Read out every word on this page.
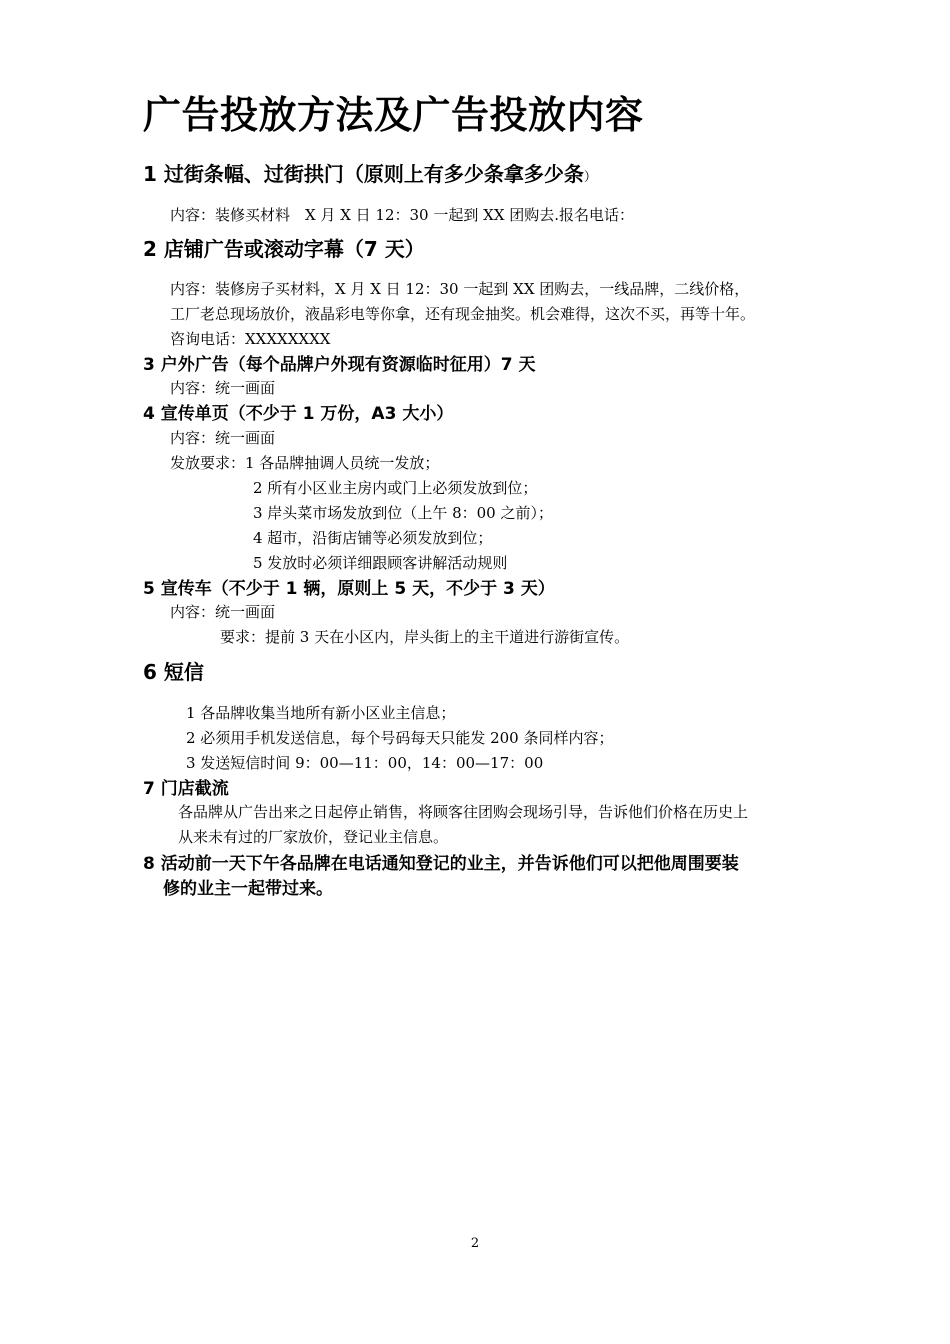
广告投放方法及广告投放内容
1 过街条幅、过街拱门（原则上有多少条拿多少条）

内容：装修买材料　X 月 X 日 12：30 一起到 XX 团购去.报名电话：

2 店铺广告或滚动字幕（7 天）

内容：装修房子买材料，X 月 X 日 12：30 一起到 XX 团购去，一线品牌，二线价格，

工厂老总现场放价，液晶彩电等你拿，还有现金抽奖。机会难得，这次不买，再等十年。

咨询电话：XXXXXXXX

3 户外广告（每个品牌户外现有资源临时征用）7 天

内容：统一画面

4 宣传单页（不少于 1 万份，A3 大小）

内容：统一画面

发放要求：1 各品牌抽调人员统一发放；

2 所有小区业主房内或门上必须发放到位；

3 岸头菜市场发放到位（上午 8：00 之前）；

4 超市，沿街店铺等必须发放到位；

5 发放时必须详细跟顾客讲解活动规则

5 宣传车（不少于 1 辆，原则上 5 天，不少于 3 天）

内容：统一画面

要求：提前 3 天在小区内，岸头街上的主干道进行游街宣传。

6 短信

1 各品牌收集当地所有新小区业主信息；

2 必须用手机发送信息，每个号码每天只能发 200 条同样内容；

3 发送短信时间 9：00—11：00，14：00—17：00

7 门店截流

各品牌从广告出来之日起停止销售，将顾客往团购会现场引导，告诉他们价格在历史上

从来未有过的厂家放价，登记业主信息。

8 活动前一天下午各品牌在电话通知登记的业主，并告诉他们可以把他周围要装
修的业主一起带过来。
2
